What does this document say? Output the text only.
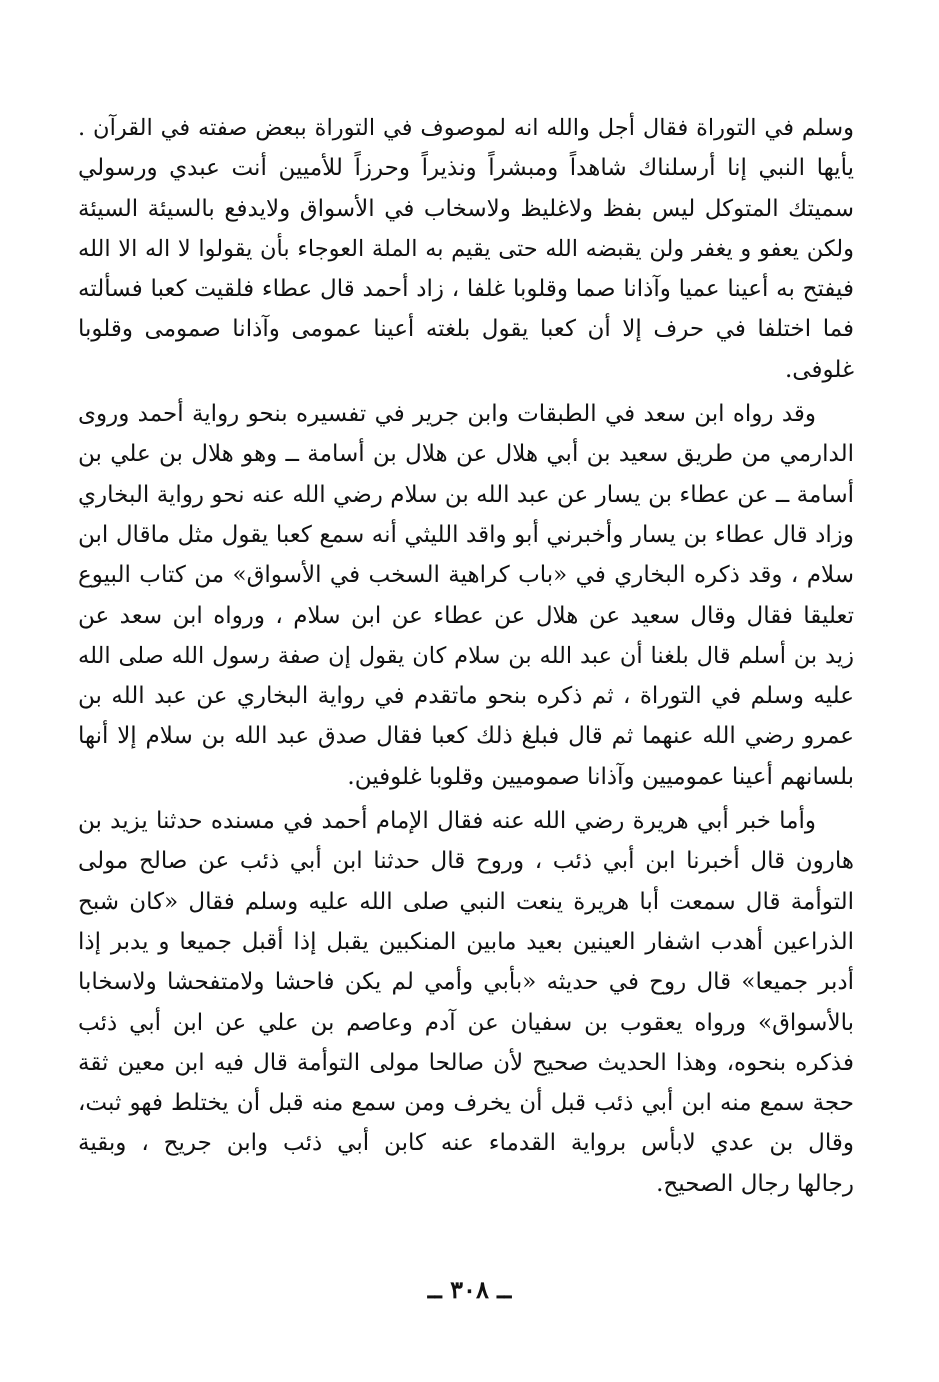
وسلم في التوراة فقال أجل والله انه لموصوف في التوراة ببعض صفته في القرآن .
يأيها النبي إنا أرسلناك شاهداً ومبشراً ونذيراً وحرزاً للأميين أنت عبدي ورسولي
سميتك المتوكل ليس بفظ ولاغليظ ولاسخاب في الأسواق ولايدفع بالسيئة السيئة
ولكن يعفو و يغفر ولن يقبضه الله حتى يقيم به الملة العوجاء بأن يقولوا لا اله الا الله
فيفتح به أعينا عميا وآذانا صما وقلوبا غلفا ، زاد أحمد قال عطاء فلقيت كعبا فسألته
فما اختلفا في حرف إلا أن كعبا يقول بلغته أعينا عمومى وآذانا صمومى وقلوبا
غلوفى.
وقد رواه ابن سعد في الطبقات وابن جرير في تفسيره بنحو رواية أحمد وروى
الدارمي من طريق سعيد بن أبي هلال عن هلال بن أسامة ــ وهو هلال بن علي بن
أسامة ــ عن عطاء بن يسار عن عبد الله بن سلام رضي الله عنه نحو رواية البخاري
وزاد قال عطاء بن يسار وأخبرني أبو واقد الليثي أنه سمع كعبا يقول مثل ماقال ابن
سلام ، وقد ذكره البخاري في «باب كراهية السخب في الأسواق» من كتاب البيوع
تعليقا فقال وقال سعيد عن هلال عن عطاء عن ابن سلام ، ورواه ابن سعد عن
زيد بن أسلم قال بلغنا أن عبد الله بن سلام كان يقول إن صفة رسول الله صلى الله
عليه وسلم في التوراة ، ثم ذكره بنحو ماتقدم في رواية البخاري عن عبد الله بن
عمرو رضي الله عنهما ثم قال فبلغ ذلك كعبا فقال صدق عبد الله بن سلام إلا أنها
بلسانهم أعينا عموميين وآذانا صموميين وقلوبا غلوفين.
وأما خبر أبي هريرة رضي الله عنه فقال الإمام أحمد في مسنده حدثنا يزيد بن
هارون قال أخبرنا ابن أبي ذئب ، وروح قال حدثنا ابن أبي ذئب عن صالح مولى
التوأمة قال سمعت أبا هريرة ينعت النبي صلى الله عليه وسلم فقال «كان شبح
الذراعين أهدب اشفار العينين بعيد مابين المنكبين يقبل إذا أقبل جميعا و يدبر إذا
أدبر جميعا» قال روح في حديثه «بأبي وأمي لم يكن فاحشا ولامتفحشا ولاسخابا
بالأسواق» ورواه يعقوب بن سفيان عن آدم وعاصم بن علي عن ابن أبي ذئب
فذكره بنحوه، وهذا الحديث صحيح لأن صالحا مولى التوأمة قال فيه ابن معين ثقة
حجة سمع منه ابن أبي ذئب قبل أن يخرف ومن سمع منه قبل أن يختلط فهو ثبت،
وقال بن عدي لابأس برواية القدماء عنه كابن أبي ذئب وابن جريح ، وبقية
رجالها رجال الصحيح.
ــ ٣٠٨ ــ
